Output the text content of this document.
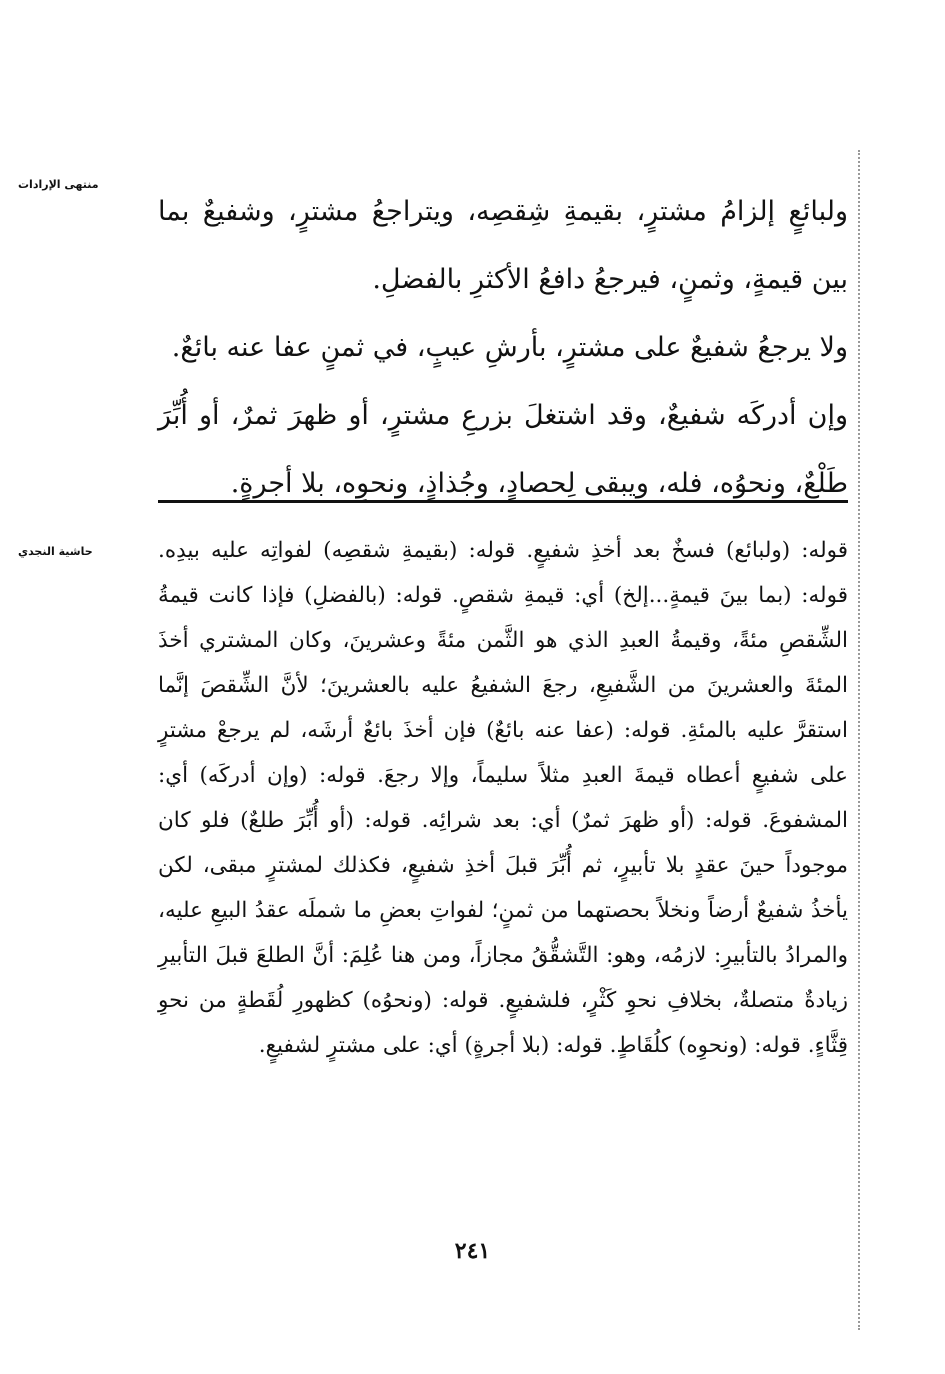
منتهى الإرادات
حاشية النجدي

ولبائعٍ إلزامُ مشترٍ، بقيمةِ شِقصِه، ويتراجعُ مشترٍ، وشفيعٌ بما بين قيمةٍ، وثمنٍ، فيرجعُ دافعُ الأكثرِ بالفضلِ.

ولا يرجعُ شفيعٌ على مشترٍ، بأرشِ عيبٍ، في ثمنٍ عفا عنه بائعٌ.

وإن أدركَه شفيعٌ، وقد اشتغلَ بزرعِ مشترٍ، أو ظهرَ ثمرٌ، أو أُبِّرَ طَلْعٌ، ونحوُه، فله، ويبقى لِحصادٍ، وجُذاذٍ، ونحوِه، بلا أجرةٍ.

قوله: (ولبائع) فسخٌ بعد أخذِ شفيعٍ. قوله: (بقيمةِ شقصِه) لفواتِه عليه بيدِه. قوله: (بما بينَ قيمةٍ...إلخ) أي: قيمةِ شقصٍ. قوله: (بالفضلِ) فإذا كانت قيمةُ الشِّقصِ مئةً، وقيمةُ العبدِ الذي هو الثَّمن مئةً وعشرينَ، وكان المشتري أخذَ المئةَ والعشرينَ من الشَّفيعِ، رجعَ الشفيعُ عليه بالعشرينَ؛ لأنَّ الشِّقصَ إنَّما استقرَّ عليه بالمئةِ. قوله: (عفا عنه بائعٌ) فإن أخذَ بائعٌ أرشَه، لم يرجعْ مشترٍ على شفيعٍ أعطاه قيمةَ العبدِ مثلاً سليماً، وإلا رجعَ. قوله: (وإن أدركَه) أي: المشفوعَ. قوله: (أو ظهرَ ثمرٌ) أي: بعد شرائِه. قوله: (أو أُبِّرَ طلعٌ) فلو كان موجوداً حينَ عقدٍ بلا تأبيرٍ، ثم أُبِّرَ قبلَ أخذِ شفيعٍ، فكذلك لمشترٍ مبقى، لكن يأخذُ شفيعٌ أرضاً ونخلاً بحصتهما من ثمنٍ؛ لفواتِ بعضِ ما شملَه عقدُ البيعِ عليه، والمرادُ بالتأبيرِ: لازمُه، وهو: التَّشقُّقُ مجازاً، ومن هنا عُلِمَ: أنَّ الطلعَ قبلَ التأبيرِ زيادةٌ متصلةٌ، بخلافِ نحوِ كَثْرٍ، فلشفيعٍ. قوله: (ونحوُه) كظهورِ لُقَطةٍ من نحوِ قِثَّاءٍ. قوله: (ونحوِه) كلُقَاطٍ. قوله: (بلا أجرةٍ) أي: على مشترٍ لشفيعٍ.

٢٤١
